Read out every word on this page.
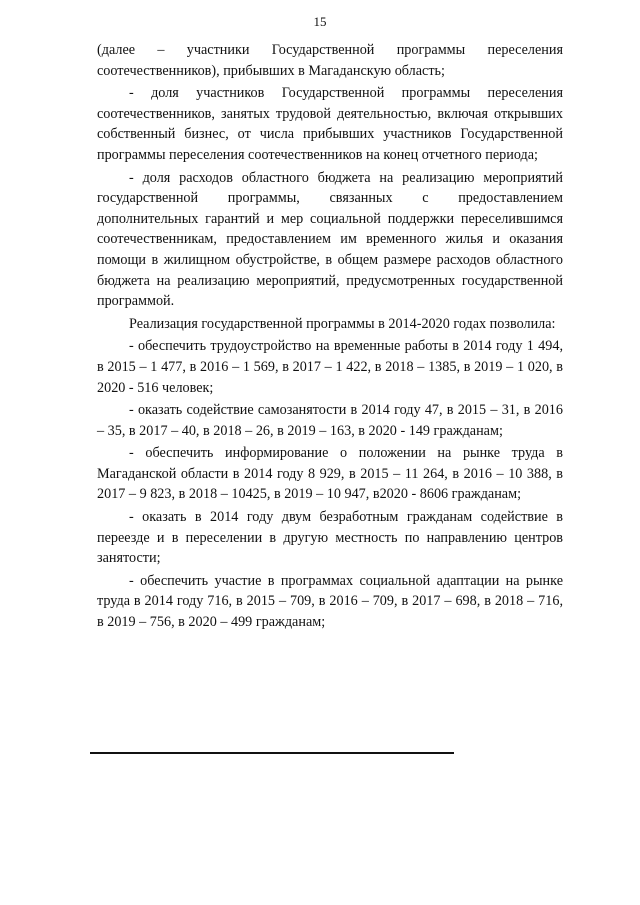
15

(далее – участники Государственной программы переселения соотечественников), прибывших в Магаданскую область;

- доля участников Государственной программы переселения соотечественников, занятых трудовой деятельностью, включая открывших собственный бизнес, от числа прибывших участников Государственной программы переселения соотечественников на конец отчетного периода;

- доля расходов областного бюджета на реализацию мероприятий государственной программы, связанных с предоставлением дополнительных гарантий и мер социальной поддержки переселившимся соотечественникам, предоставлением им временного жилья и оказания помощи в жилищном обустройстве, в общем размере расходов областного бюджета на реализацию мероприятий, предусмотренных государственной программой.

Реализация государственной программы в 2014-2020 годах позволила:

- обеспечить трудоустройство на временные работы в 2014 году 1 494, в 2015 – 1 477, в 2016 – 1 569, в 2017 – 1 422, в 2018 – 1385, в 2019 – 1 020, в 2020 - 516 человек;

- оказать содействие самозанятости в 2014 году 47, в 2015 – 31, в 2016 – 35, в 2017 – 40, в 2018 – 26, в 2019 – 163, в 2020 - 149 гражданам;

- обеспечить информирование о положении на рынке труда в Магаданской области в 2014 году 8 929, в 2015 – 11 264, в 2016 – 10 388, в 2017 – 9 823, в 2018 – 10425, в 2019 – 10 947, в2020 - 8606 гражданам;

- оказать в 2014 году двум безработным гражданам содействие в переезде и в переселении в другую местность по направлению центров занятости;

- обеспечить участие в программах социальной адаптации на рынке труда в 2014 году 716, в 2015 – 709, в 2016 – 709, в 2017 – 698, в 2018 – 716, в 2019 – 756, в 2020 – 499 гражданам;
